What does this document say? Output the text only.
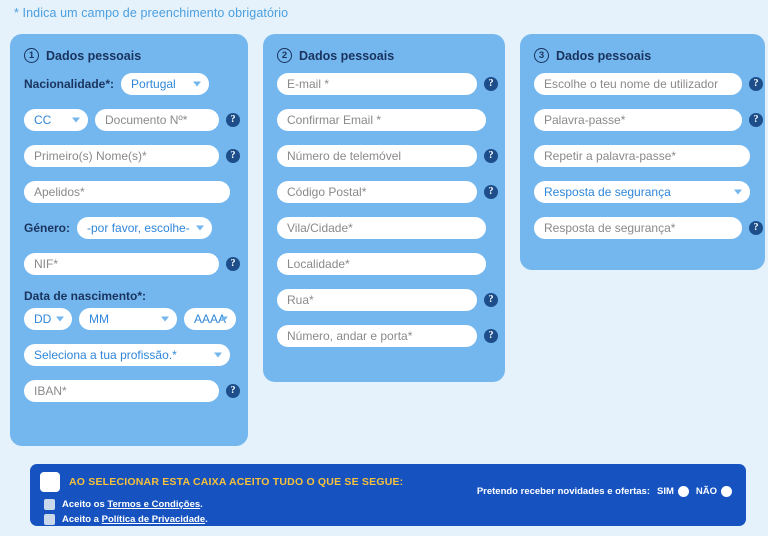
* Indica um campo de preenchimento obrigatório
1 Dados pessoais
Nacionalidade*: Portugal
CC	Documento Nº*	?
Primeiro(s) Nome(s)*	?
Apelidos*
Género: -por favor, escolhe-
NIF*	?
Data de nascimento*:
DD	MM	AAAA
Seleciona a tua profissão.*
IBAN*	?
2 Dados pessoais
E-mail *	?
Confirmar Email *
Número de telemóvel	?
Código Postal*	?
Vila/Cidade*
Localidade*
Rua*	?
Número, andar e porta*	?
3 Dados pessoais
Escolhe o teu nome de utilizador	?
Palavra-passe*	?
Repetir a palavra-passe*
Resposta de segurança
Resposta de segurança*	?
AO SELECIONAR ESTA CAIXA ACEITO TUDO O QUE SE SEGUE:
Aceito os Termos e Condições.
Aceito a Política de Privacidade.
Pretendo receber novidades e ofertas: SIM NÃO
